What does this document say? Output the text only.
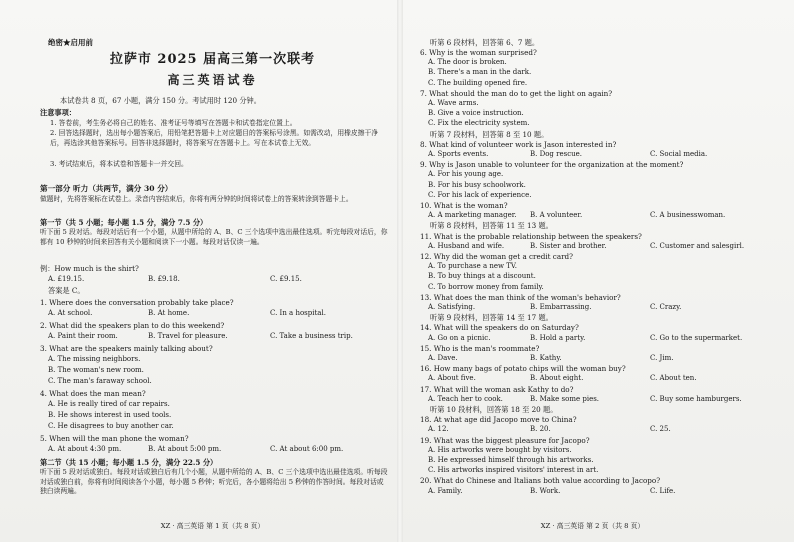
绝密★启用前
拉萨市 2025 届高三第一次联考
高三英语试卷
本试卷共 8 页，67 小题，满分 150 分。考试用时 120 分钟。
注意事项：
1. 答卷前，考生务必将自己的姓名、准考证号等填写在答题卡和试卷指定位置上。
2. 回答选择题时，选出每小题答案后，用铅笔把答题卡上对应题目的答案标号涂黑。如需改动，用橡皮擦干净后，再选涂其他答案标号。回答非选择题时，将答案写在答题卡上。写在本试卷上无效。
3. 考试结束后，将本试卷和答题卡一并交回。
第一部分 听力（共两节，满分 30 分）
做题时，先将答案标在试卷上。录音内容结束后，你将有两分钟的时间将试卷上的答案转涂到答题卡上。
第一节（共 5 小题；每小题 1.5 分，满分 7.5 分）
听下面 5 段对话。每段对话后有一个小题，从题中所给的 A、B、C 三个选项中选出最佳选项。听完每段对话后，你都有 10 秒钟的时间来回答有关小题和阅读下一小题。每段对话仅读一遍。
例：How much is the shirt?
A. £19.15.	B. £9.18.	C. £9.15.
答案是 C。
1. Where does the conversation probably take place?
A. At school.	B. At home.	C. In a hospital.
2. What did the speakers plan to do this weekend?
A. Paint their room.	B. Travel for pleasure.	C. Take a business trip.
3. What are the speakers mainly talking about?
A. The missing neighbors.
B. The woman's new room.
C. The man's faraway school.
4. What does the man mean?
A. He is really tired of car repairs.
B. He shows interest in used tools.
C. He disagrees to buy another car.
5. When will the man phone the woman?
A. At about 4:30 pm.	B. At about 5:00 pm.	C. At about 6:00 pm.
第二节（共 15 小题；每小题 1.5 分，满分 22.5 分）
听下面 5 段对话或独白。每段对话或独白后有几个小题，从题中所给的 A、B、C 三个选项中选出最佳选项。听每段对话或独白前，你将有时间阅读各个小题，每小题 5 秒钟；听完后，各小题将给出 5 秒钟的作答时间。每段对话或独白读两遍。
XZ · 高三英语 第 1 页（共 8 页）
听第 6 段材料，回答第 6、7 题。
6. Why is the woman surprised?
A. The door is broken.
B. There's a man in the dark.
C. The building opened fire.
7. What should the man do to get the light on again?
A. Wave arms.
B. Give a voice instruction.
C. Fix the electricity system.
听第 7 段材料，回答第 8 至 10 题。
8. What kind of volunteer work is Jason interested in?
A. Sports events.	B. Dog rescue.	C. Social media.
9. Why is Jason unable to volunteer for the organization at the moment?
A. For his young age.
B. For his busy schoolwork.
C. For his lack of experience.
10. What is the woman?
A. A marketing manager. B. A volunteer.	C. A businesswoman.
听第 8 段材料，回答第 11 至 13 题。
11. What is the probable relationship between the speakers?
A. Husband and wife.	B. Sister and brother.	C. Customer and salesgirl.
12. Why did the woman get a credit card?
A. To purchase a new TV.
B. To buy things at a discount.
C. To borrow money from family.
13. What does the man think of the woman's behavior?
A. Satisfying.	B. Embarrassing.	C. Crazy.
听第 9 段材料，回答第 14 至 17 题。
14. What will the speakers do on Saturday?
A. Go on a picnic.	B. Hold a party.	C. Go to the supermarket.
15. Who is the man's roommate?
A. Dave.	B. Kathy.	C. Jim.
16. How many bags of potato chips will the woman buy?
A. About five.	B. About eight.	C. About ten.
17. What will the woman ask Kathy to do?
A. Teach her to cook.	B. Make some pies.	C. Buy some hamburgers.
听第 10 段材料，回答第 18 至 20 题。
18. At what age did Jacopo move to China?
A. 12.	B. 20.	C. 25.
19. What was the biggest pleasure for Jacopo?
A. His artworks were bought by visitors.
B. He expressed himself through his artworks.
C. His artworks inspired visitors' interest in art.
20. What do Chinese and Italians both value according to Jacopo?
A. Family.	B. Work.	C. Life.
XZ · 高三英语 第 2 页（共 8 页）
